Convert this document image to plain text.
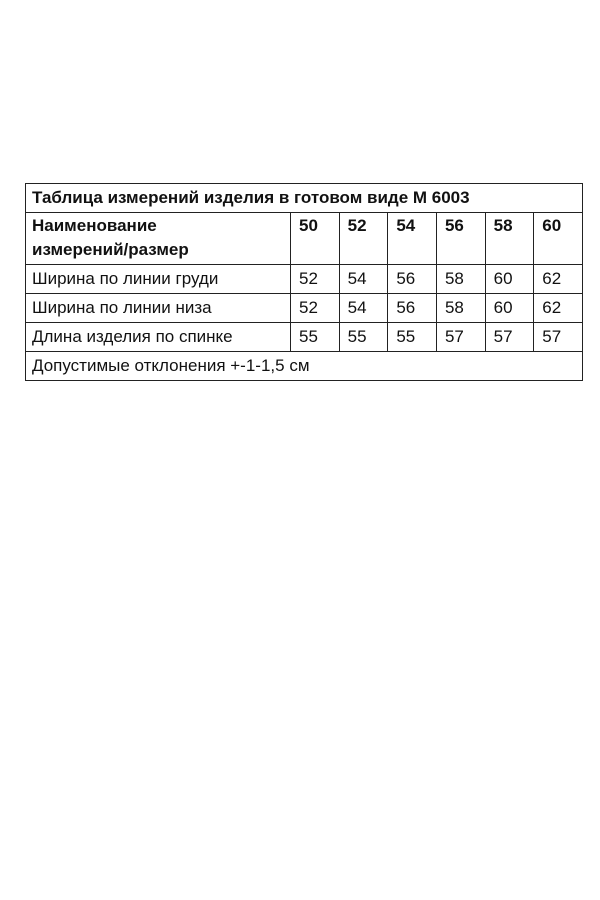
Таблица измерений изделия в готовом виде М 6003						
Наименование
измерений/размер	50	52	54	56	58	60
Ширина по линии груди	52	54	56	58	60	62
Ширина по линии низа	52	54	56	58	60	62
Длина изделия по спинке	55	55	55	57	57	57
Допустимые отклонения +-1-1,5 см						
